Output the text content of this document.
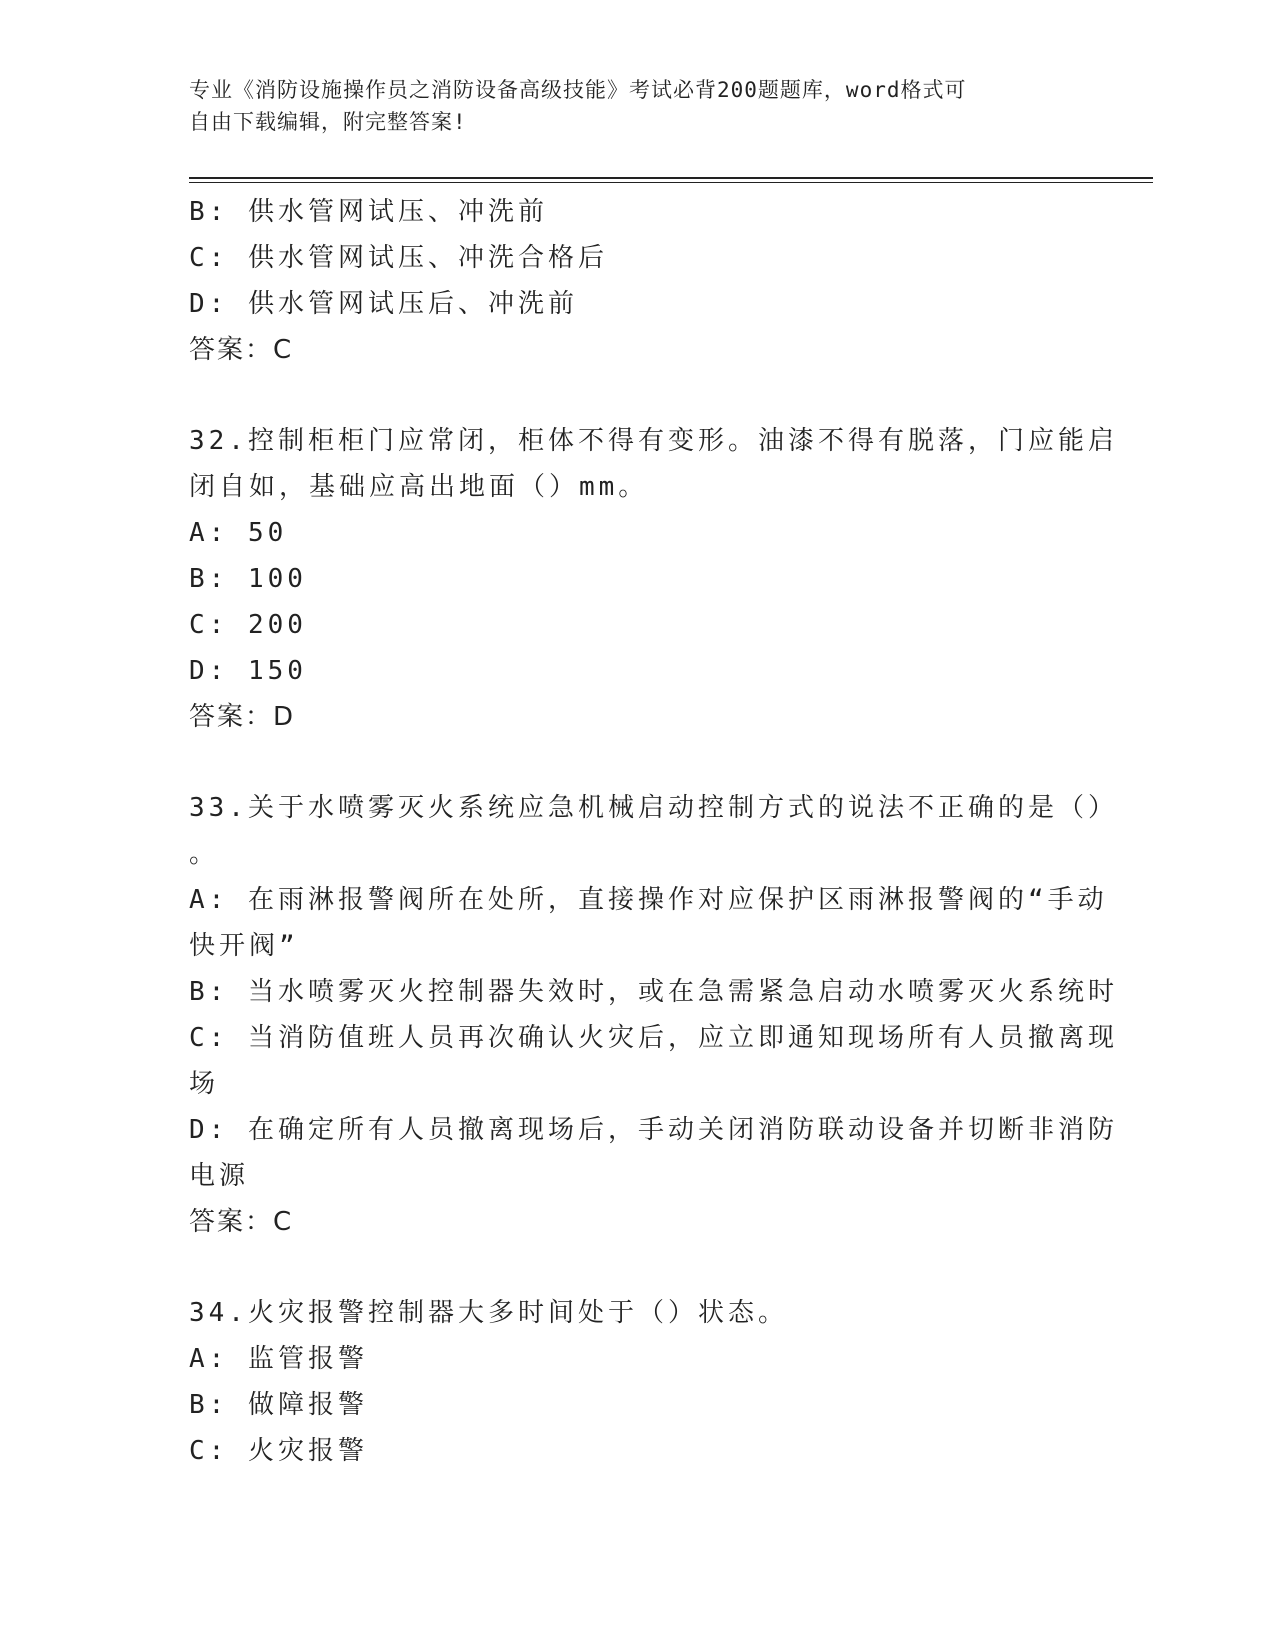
专业《消防设施操作员之消防设备高级技能》考试必背200题题库，word格式可
自由下载编辑，附完整答案!
B: 供水管网试压、冲洗前
C: 供水管网试压、冲洗合格后
D: 供水管网试压后、冲洗前
答案：C
32.控制柜柜门应常闭，柜体不得有变形。油漆不得有脱落，门应能启
闭自如，基础应高出地面（）mm。
A: 50
B: 100
C: 200
D: 150
答案：D
33.关于水喷雾灭火系统应急机械启动控制方式的说法不正确的是（）
。
A: 在雨淋报警阀所在处所，直接操作对应保护区雨淋报警阀的“手动
快开阀”
B: 当水喷雾灭火控制器失效时，或在急需紧急启动水喷雾灭火系统时
C: 当消防值班人员再次确认火灾后，应立即通知现场所有人员撤离现
场
D: 在确定所有人员撤离现场后，手动关闭消防联动设备并切断非消防
电源
答案：C
34.火灾报警控制器大多时间处于（）状态。
A: 监管报警
B: 做障报警
C: 火灾报警
